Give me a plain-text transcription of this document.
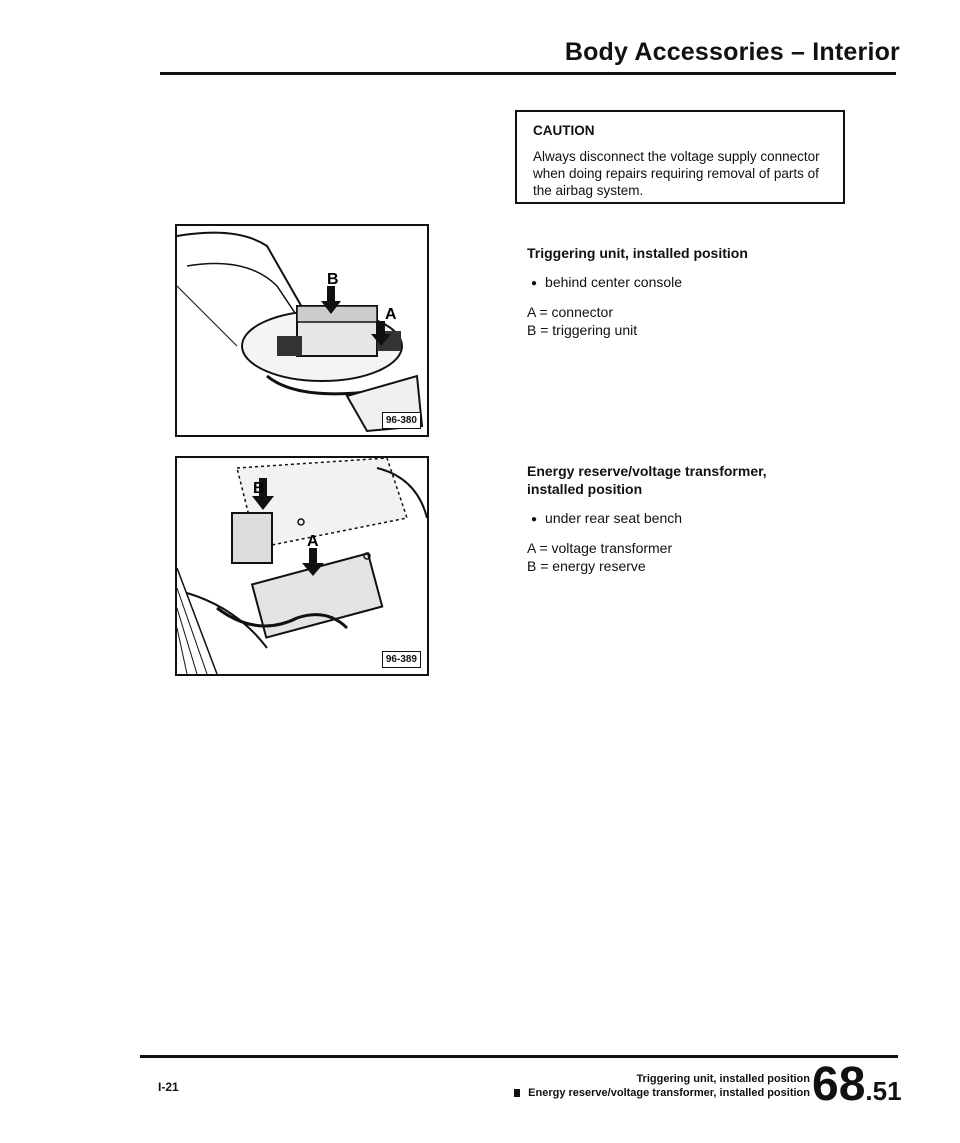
Body Accessories – Interior
CAUTION
Always disconnect the voltage supply connector when doing repairs requiring removal of parts of the airbag system.
B
A
96-380
B
A
96-389
Triggering unit, installed position
● behind center console
A = connector
B = triggering unit
Energy reserve/voltage transformer,
installed position
● under rear seat bench
A = voltage transformer
B = energy reserve
I-21
Triggering unit, installed position
Energy reserve/voltage transformer, installed position 68.51
